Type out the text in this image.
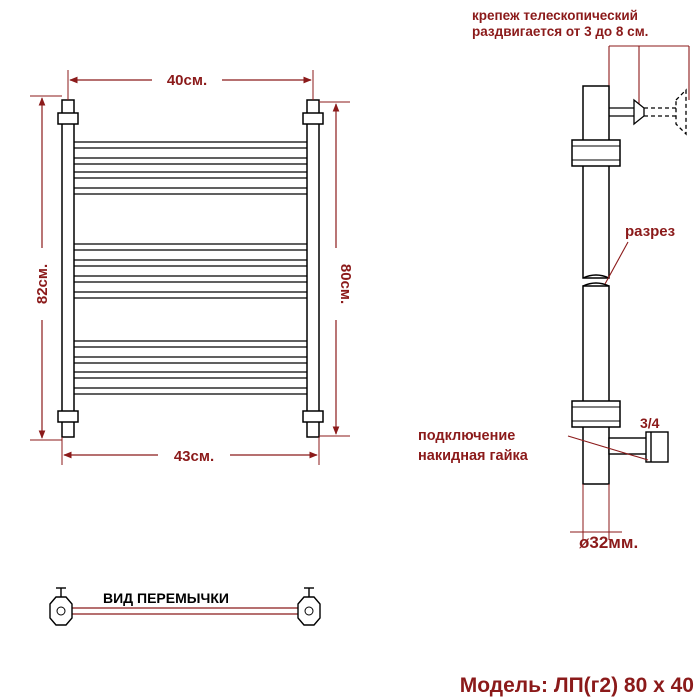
40см.
43см.
82см.	80см.
крепеж телескопический
раздвигается от 3 до 8 см.
разрез
3/4
подключение
накидная гайка
ø32мм.
ВИД ПЕРЕМЫЧКИ
Модель: ЛП(г2) 80 х 40
